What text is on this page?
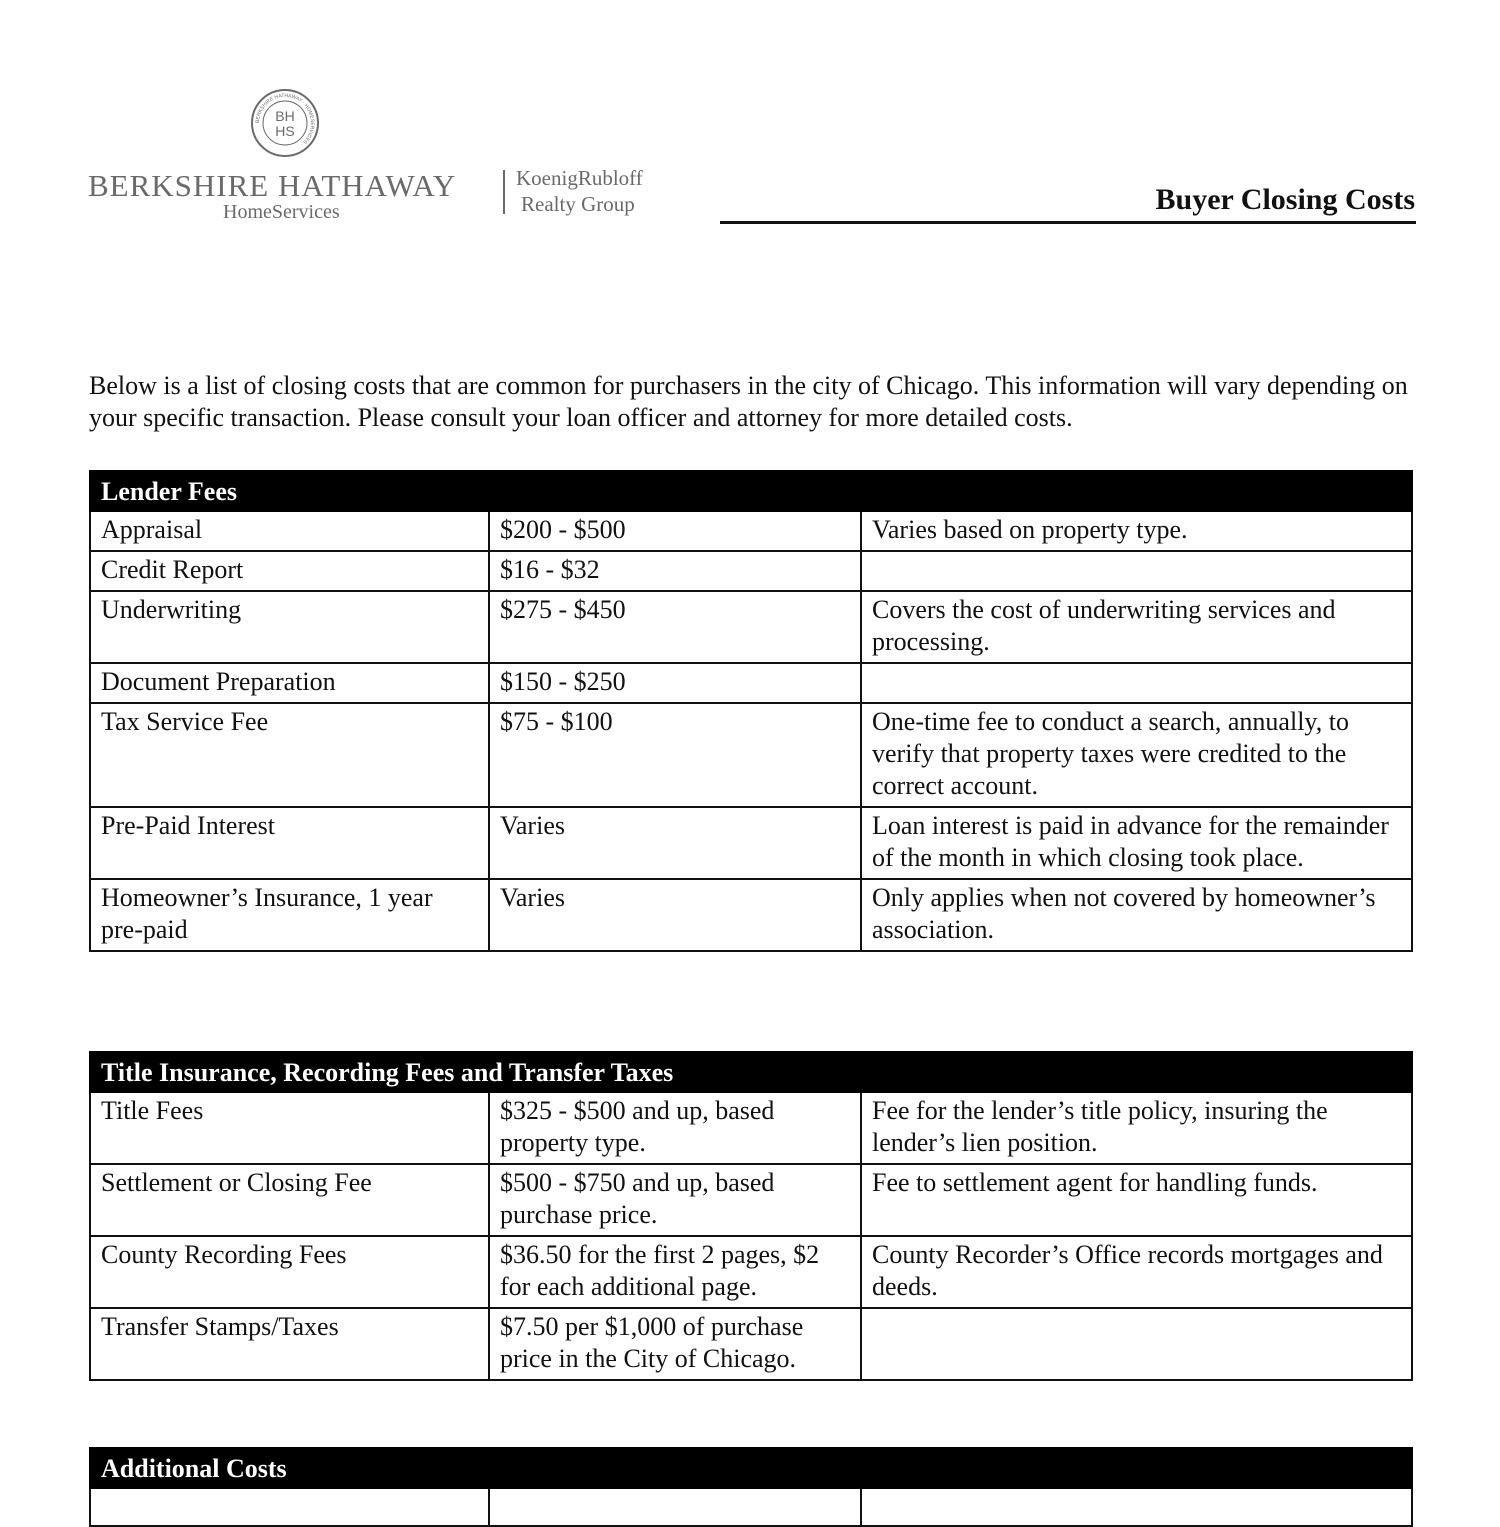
BERKSHIRE HATHAWAY · HOMESERVICES ·
BH
HS
BERKSHIRE HATHAWAY
HomeServices
KoenigRubloff
Realty Group	Buyer Closing Costs

Below is a list of closing costs that are common for purchasers in the city of Chicago. This information will vary depending on your specific transaction. Please consult your loan officer and attorney for more detailed costs.

Lender Fees		
Appraisal	$200 - $500	Varies based on property type.
Credit Report	$16 - $32	
Underwriting	$275 - $450	Covers the cost of underwriting services and processing.
Document Preparation	$150 - $250	
Tax Service Fee	$75 - $100	One-time fee to conduct a search, annually, to verify that property taxes were credited to the correct account.
Pre-Paid Interest	Varies	Loan interest is paid in advance for the remainder of the month in which closing took place.
Homeowner’s Insurance, 1 year pre-paid	Varies	Only applies when not covered by homeowner’s association.
Title Insurance, Recording Fees and Transfer Taxes		
Title Fees	$325 - $500 and up, based property type.	Fee for the lender’s title policy, insuring the lender’s lien position.
Settlement or Closing Fee	$500 - $750 and up, based purchase price.	Fee to settlement agent for handling funds.
County Recording Fees	$36.50 for the first 2 pages, $2 for each additional page.	County Recorder’s Office records mortgages and deeds.
Transfer Stamps/Taxes	$7.50 per $1,000 of purchase price in the City of Chicago.	
Additional Costs
